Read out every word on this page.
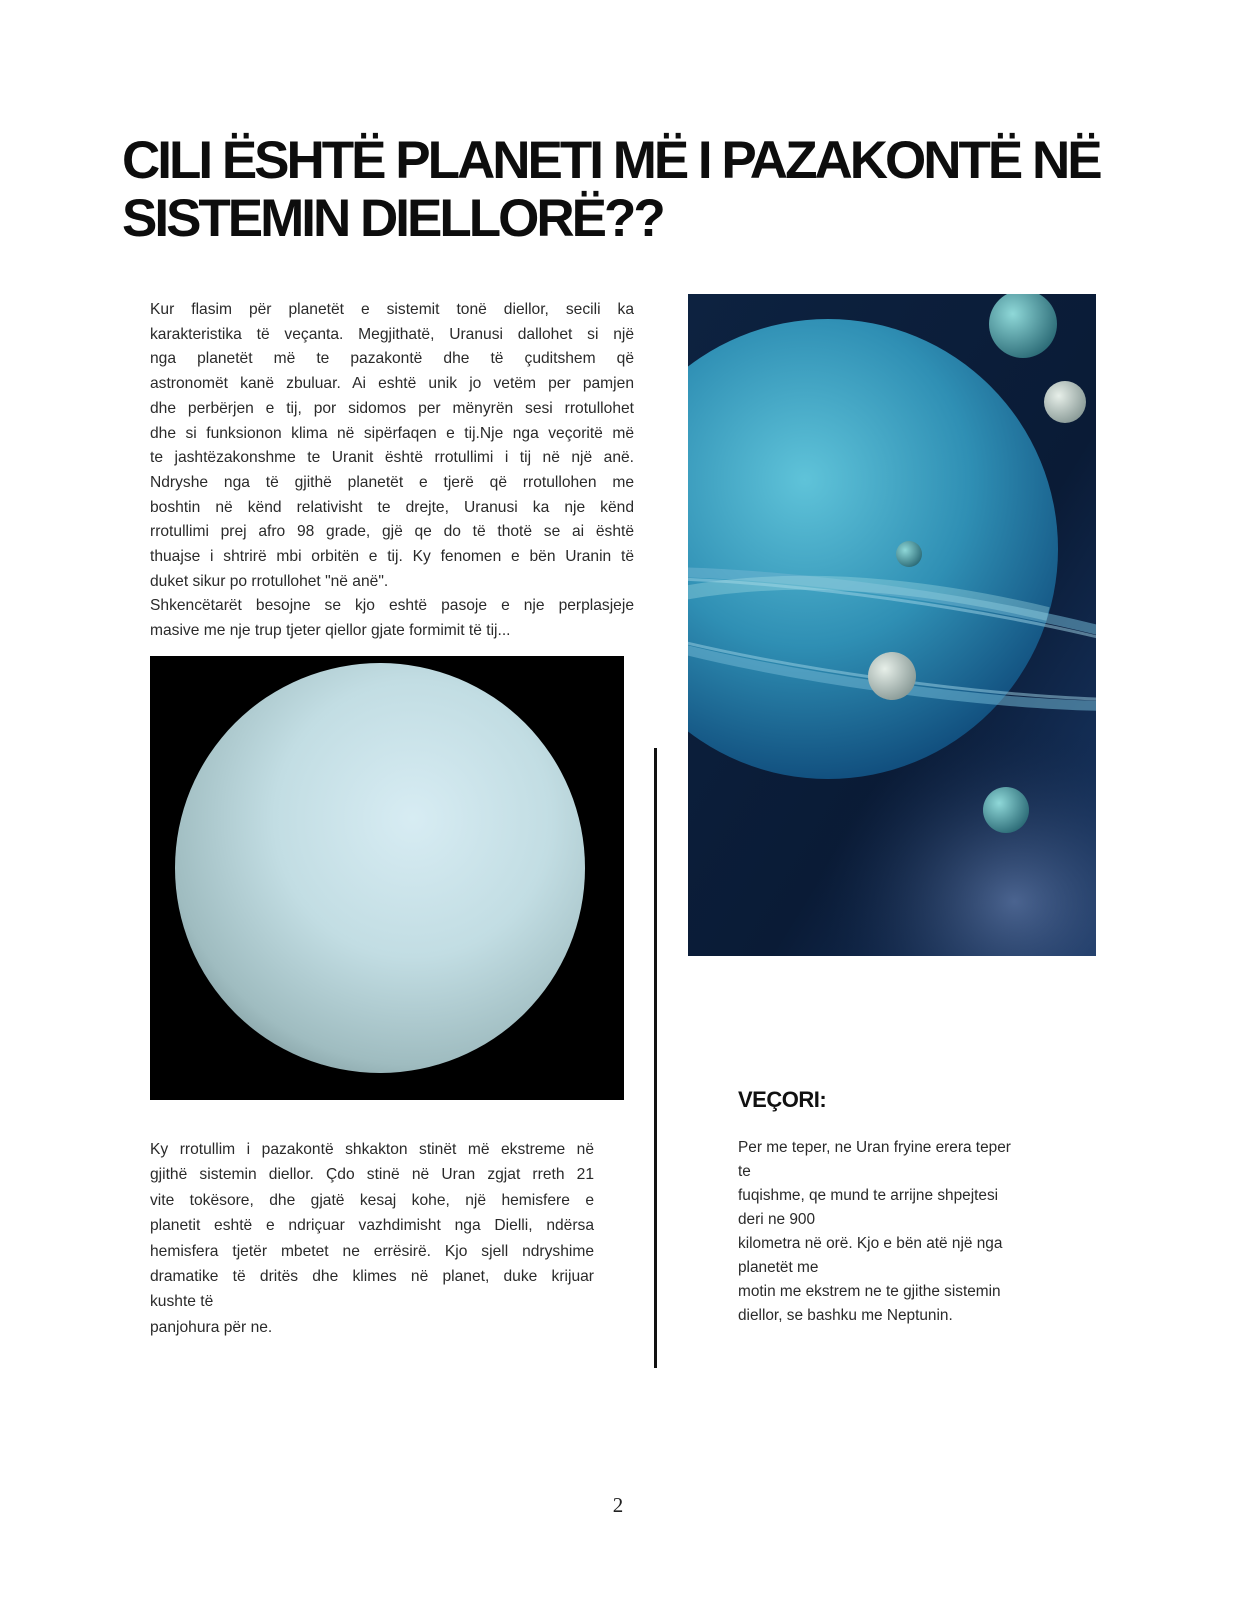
CILI ËSHTË PLANETI MË I PAZAKONTË NË
SISTEMIN DIELLORË??
Kur flasim për planetët e sistemit tonë diellor, secili ka
karakteristika të veçanta. Megjithatë, Uranusi dallohet si një
nga planetët më te pazakontë dhe të çuditshem që
astronomët kanë zbuluar. Ai eshtë unik jo vetëm per pamjen
dhe perbërjen e tij, por sidomos per mënyrën sesi rrotullohet
dhe si funksionon klima në sipërfaqen e tij.Nje nga veçoritë më
te jashtëzakonshme te Uranit është rrotullimi i tij në një anë.
Ndryshe nga të gjithë planetët e tjerë që rrotullohen me
boshtin në kënd relativisht te drejte, Uranusi ka nje kënd
rrotullimi prej afro 98 grade, gjë qe do të thotë se ai është
thuajse i shtrirë mbi orbitën e tij. Ky fenomen e bën Uranin të
duket sikur po rrotullohet "në anë".
Shkencëtarët besojne se kjo eshtë pasoje e nje perplasjeje
masive me nje trup tjeter qiellor gjate formimit të tij...
Ky rrotullim i pazakontë shkakton stinët më ekstreme në
gjithë sistemin diellor. Çdo stinë në Uran zgjat rreth 21
vite tokësore, dhe gjatë kesaj kohe, një hemisfere e
planetit eshtë e ndriçuar vazhdimisht nga Dielli, ndërsa
hemisfera tjetër mbetet ne errësirë. Kjo sjell ndryshime
dramatike të dritës dhe klimes në planet, duke krijuar
kushte të
panjohura për ne.
VEÇORI:
Per me teper, ne Uran fryine erera teper
te
fuqishme, qe mund te arrijne shpejtesi
deri ne 900
kilometra në orë. Kjo e bën atë një nga
planetët me
motin me ekstrem ne te gjithe sistemin
diellor, se bashku me Neptunin.
2
